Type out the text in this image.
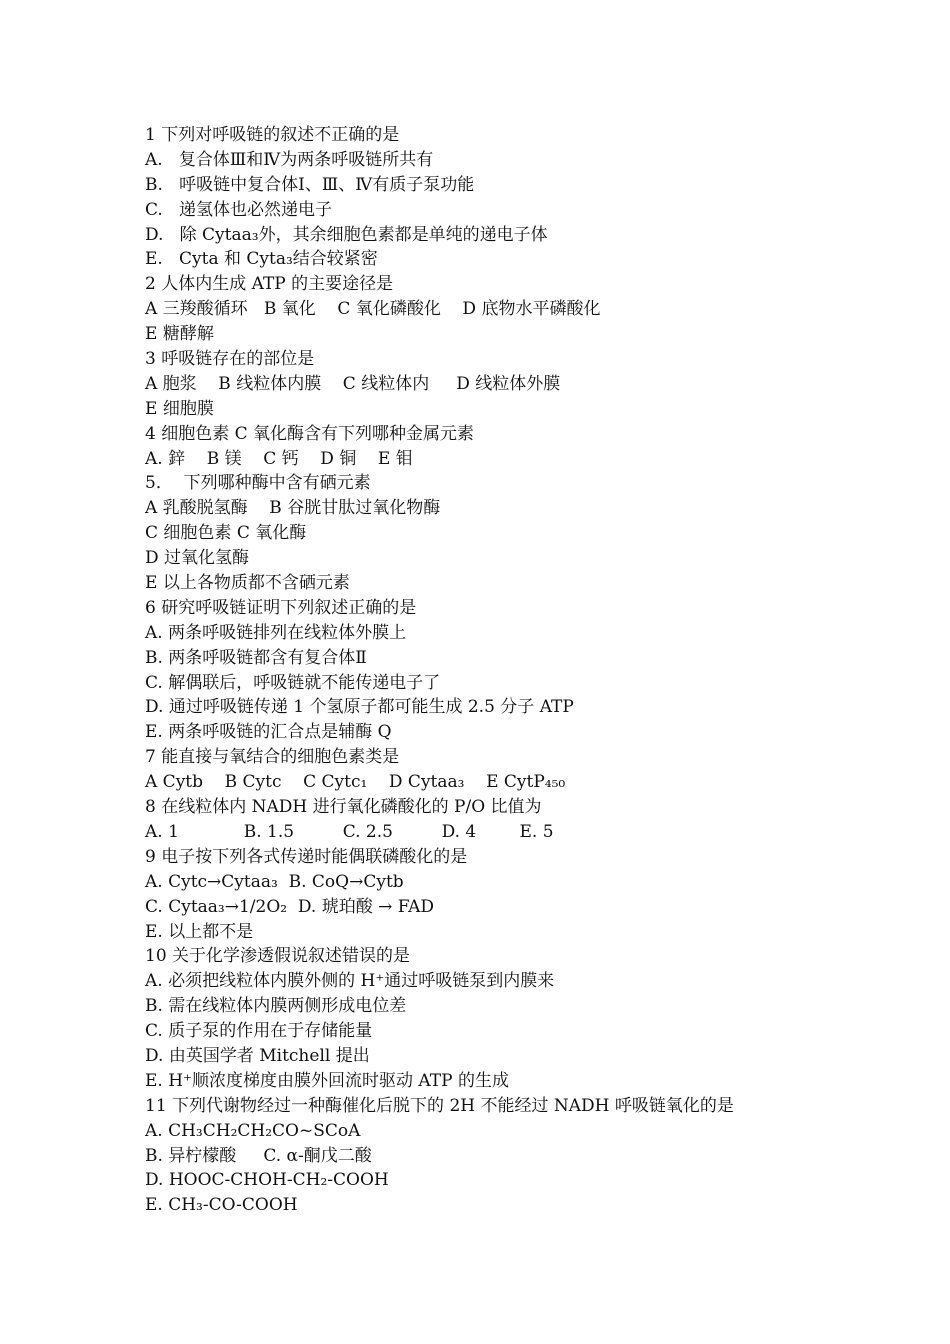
1 下列对呼吸链的叙述不正确的是
A.   复合体Ⅲ和Ⅳ为两条呼吸链所共有
B.   呼吸链中复合体Ⅰ、Ⅲ、Ⅳ有质子泵功能
C.   递氢体也必然递电子
D.   除 Cytaa₃外，其余细胞色素都是单纯的递电子体
E.   Cyta 和 Cyta₃结合较紧密
2 人体内生成 ATP 的主要途径是
A 三羧酸循环   B 氧化    C 氧化磷酸化    D 底物水平磷酸化
E 糖酵解
3 呼吸链存在的部位是
A 胞浆    B 线粒体内膜    C 线粒体内     D 线粒体外膜
E 细胞膜
4 细胞色素 C 氧化酶含有下列哪种金属元素
A. 鋅    B 镁    C 钙    D 铜    E 钼
5．  下列哪种酶中含有硒元素
A 乳酸脱氢酶    B 谷胱甘肽过氧化物酶
C 细胞色素 C 氧化酶
D 过氧化氢酶
E 以上各物质都不含硒元素
6 研究呼吸链证明下列叙述正确的是
A. 两条呼吸链排列在线粒体外膜上
B. 两条呼吸链都含有复合体Ⅱ
C. 解偶联后，呼吸链就不能传递电子了
D. 通过呼吸链传递 1 个氢原子都可能生成 2.5 分子 ATP
E. 两条呼吸链的汇合点是辅酶 Q
7 能直接与氧结合的细胞色素类是
A Cytb    B Cytc    C Cytc₁    D Cytaa₃    E CytP₄₅₀
8 在线粒体内 NADH 进行氧化磷酸化的 P/O 比值为
A. 1            B. 1.5         C. 2.5         D. 4        E. 5
9 电子按下列各式传递时能偶联磷酸化的是
A. Cytc→Cytaa₃  B. CoQ→Cytb
C. Cytaa₃→1/2O₂  D. 琥珀酸 → FAD
E. 以上都不是
10 关于化学渗透假说叙述错误的是
A. 必须把线粒体内膜外侧的 H⁺通过呼吸链泵到内膜来
B. 需在线粒体内膜两侧形成电位差
C. 质子泵的作用在于存储能量
D. 由英国学者 Mitchell 提出
E. H⁺顺浓度梯度由膜外回流时驱动 ATP 的生成
11 下列代谢物经过一种酶催化后脱下的 2H 不能经过 NADH 呼吸链氧化的是
A. CH₃CH₂CH₂CO~SCoA
B. 异柠檬酸     C. α-酮戊二酸
D. HOOC-CHOH-CH₂-COOH
E. CH₃-CO-COOH
